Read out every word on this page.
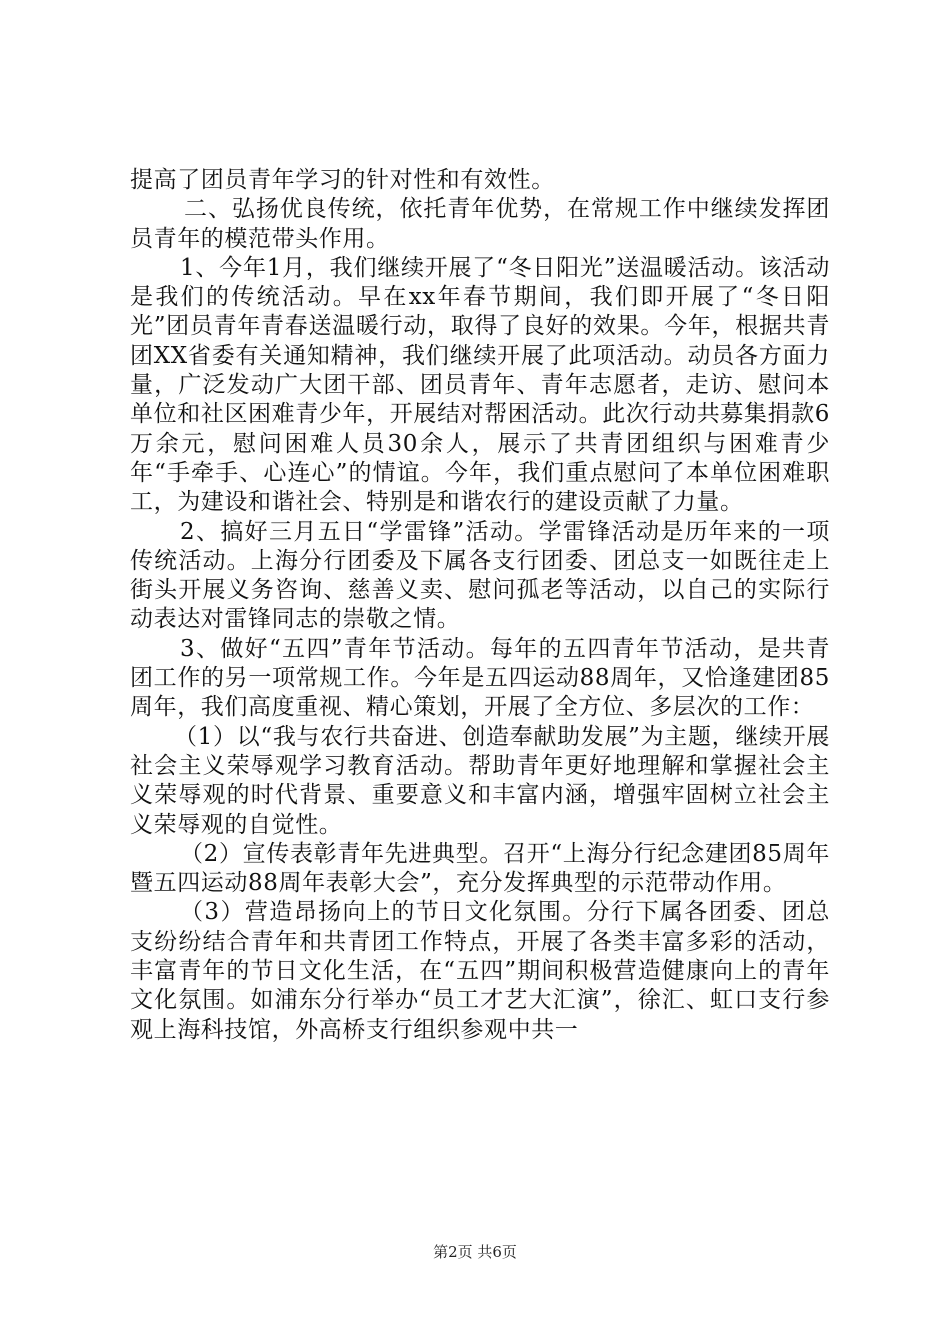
提高了团员青年学习的针对性和有效性。

二、弘扬优良传统，依托青年优势，在常规工作中继续发挥团员青年的模范带头作用。

1、今年1月，我们继续开展了“冬日阳光”送温暖活动。该活动是我们的传统活动。早在xx年春节期间，我们即开展了“冬日阳光”团员青年青春送温暖行动，取得了良好的效果。今年，根据共青团XX省委有关通知精神，我们继续开展了此项活动。动员各方面力量，广泛发动广大团干部、团员青年、青年志愿者，走访、慰问本单位和社区困难青少年，开展结对帮困活动。此次行动共募集捐款6万余元，慰问困难人员30余人，展示了共青团组织与困难青少年“手牵手、心连心”的情谊。今年，我们重点慰问了本单位困难职工，为建设和谐社会、特别是和谐农行的建设贡献了力量。

2、搞好三月五日“学雷锋”活动。学雷锋活动是历年来的一项传统活动。上海分行团委及下属各支行团委、团总支一如既往走上街头开展义务咨询、慈善义卖、慰问孤老等活动，以自己的实际行动表达对雷锋同志的崇敬之情。

3、做好“五四”青年节活动。每年的五四青年节活动，是共青团工作的另一项常规工作。今年是五四运动88周年，又恰逢建团85周年，我们高度重视、精心策划，开展了全方位、多层次的工作：

（1）以“我与农行共奋进、创造奉献助发展”为主题，继续开展社会主义荣辱观学习教育活动。帮助青年更好地理解和掌握社会主义荣辱观的时代背景、重要意义和丰富内涵，增强牢固树立社会主义荣辱观的自觉性。

（2）宣传表彰青年先进典型。召开“上海分行纪念建团85周年暨五四运动88周年表彰大会”，充分发挥典型的示范带动作用。

（3）营造昂扬向上的节日文化氛围。分行下属各团委、团总支纷纷结合青年和共青团工作特点，开展了各类丰富多彩的活动，丰富青年的节日文化生活，在“五四”期间积极营造健康向上的青年文化氛围。如浦东分行举办“员工才艺大汇演”，徐汇、虹口支行参观上海科技馆，外高桥支行组织参观中共一

第2页 共6页
